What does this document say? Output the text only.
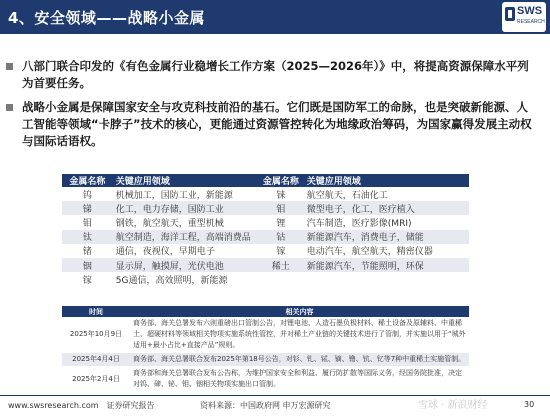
4、安全领域——战略小金属	SWS
RESEARCH
八部门联合印发的《有色金属行业稳增长工作方案（2025—2026年）》中，将提高资源保障水平列为首要任务。
战略小金属是保障国家安全与攻克科技前沿的基石。它们既是国防军工的命脉，也是突破新能源、人工智能等领域“卡脖子”技术的核心，更能通过资源管控转化为地缘政治筹码，为国家赢得发展主动权与国际话语权。
金属名称	关键应用领域	金属名称	关键应用领域
钨	机械加工，国防工业，新能源	铼	航空航天，石油化工
锑	化工，电力存储，国防工业	钼	微型电子，化工，医疗植入
钼	钢铁，航空航天，重型机械	锂	汽车制造，医疗影像(MRI)
钛	航空制造，海洋工程，高端消费品	钴	新能源汽车，消费电子，储能
锗	通信，夜视仪，早期电子	镓	电动汽车，航空航天，精密仪器
铟	显示屏，触摸屏，光伏电池	稀土	新能源汽车，节能照明，环保
镓	5G通信，高效照明，新能源		
时间	相关内容
2025年10月9日	商务部、海关总署发布六则重磅出口管制公告，对锂电池、人造石墨负极材料、稀土设备及原辅料、中重稀土、超硬材料等领域相关物项实施系统性管控，并对稀土产业链的关键技术进行了管制，并实施以用于“城外适用+最小占比+直接产品”规则。
2025年4月4日	商务部、海关总署联合发布2025年第18号公告，对钐、钆、铽、镝、镥、钪、钇等7种中重稀土实施管制。
2025年2月4日	商务部和海关总署联合发布公告称，为维护国家安全和利益、履行防扩散等国际义务，经国务院批准，决定对钨、碲、铋、钼、铟相关物项实施出口管制。
www.swsresearch.com　证券研究报告	资料来源：中国政府网 申万宏源研究	雪球 · 新浪财经	30
